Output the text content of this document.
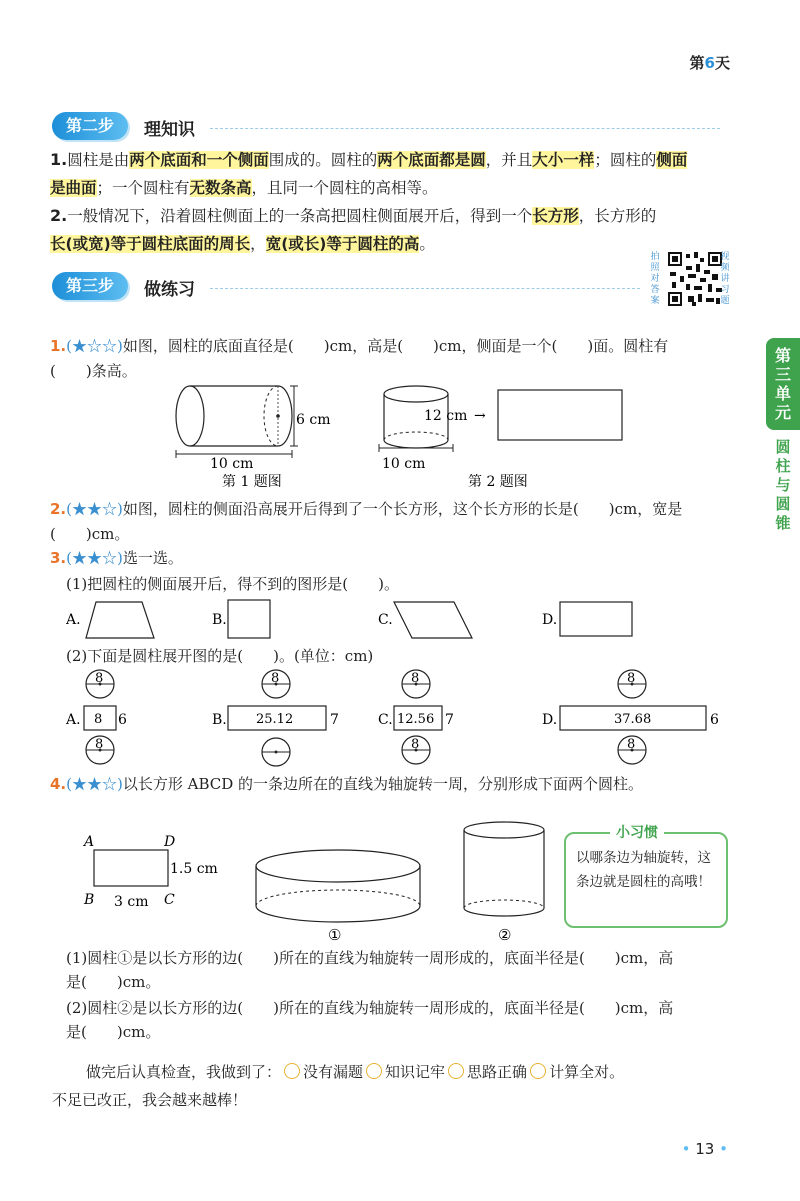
第6天
第二步	理知识
1.圆柱是由两个底面和一个侧面围成的。圆柱的两个底面都是圆，并且大小一样；圆柱的侧面
是曲面；一个圆柱有无数条高，且同一个圆柱的高相等。
2.一般情况下，沿着圆柱侧面上的一条高把圆柱侧面展开后，得到一个长方形，长方形的
长(或宽)等于圆柱底面的周长，宽(或长)等于圆柱的高。
第三步	做练习
拍照对答案
视频讲习题
第三单元
圆柱与圆锥
1.(★☆☆)如图，圆柱的底面直径是(　　)cm，高是(　　)cm，侧面是一个(　　)面。圆柱有
(　　)条高。
6 cm
10 cm
第 1 题图
12 cm →
10 cm
第 2 题图
2.(★★☆)如图，圆柱的侧面沿高展开后得到了一个长方形，这个长方形的长是(　　)cm，宽是
(　　)cm。
3.(★★☆)选一选。
(1)把圆柱的侧面展开后，得不到的图形是(　　)。
A.	B.	C.	D.
(2)下面是圆柱展开图的是(　　)。(单位：cm)
A.
8
8 6
8
B.
8
25.12	7	C.
8
12.56 7
8
D.
8
37.68	6
8
4.(★★☆)以长方形 ABCD 的一条边所在的直线为轴旋转一周，分别形成下面两个圆柱。
A	D
B	C
1.5 cm
3 cm
①	②
小习惯
以哪条边为轴旋转，这条边就是圆柱的高哦！
(1)圆柱①是以长方形的边(　　)所在的直线为轴旋转一周形成的，底面半径是(　　)cm，高
是(　　)cm。
(2)圆柱②是以长方形的边(　　)所在的直线为轴旋转一周形成的，底面半径是(　　)cm，高
是(　　)cm。
做完后认真检查，我做到了： 没有漏题 知识记牢 思路正确 计算全对。
不足已改正，我会越来越棒！
• 13 •
